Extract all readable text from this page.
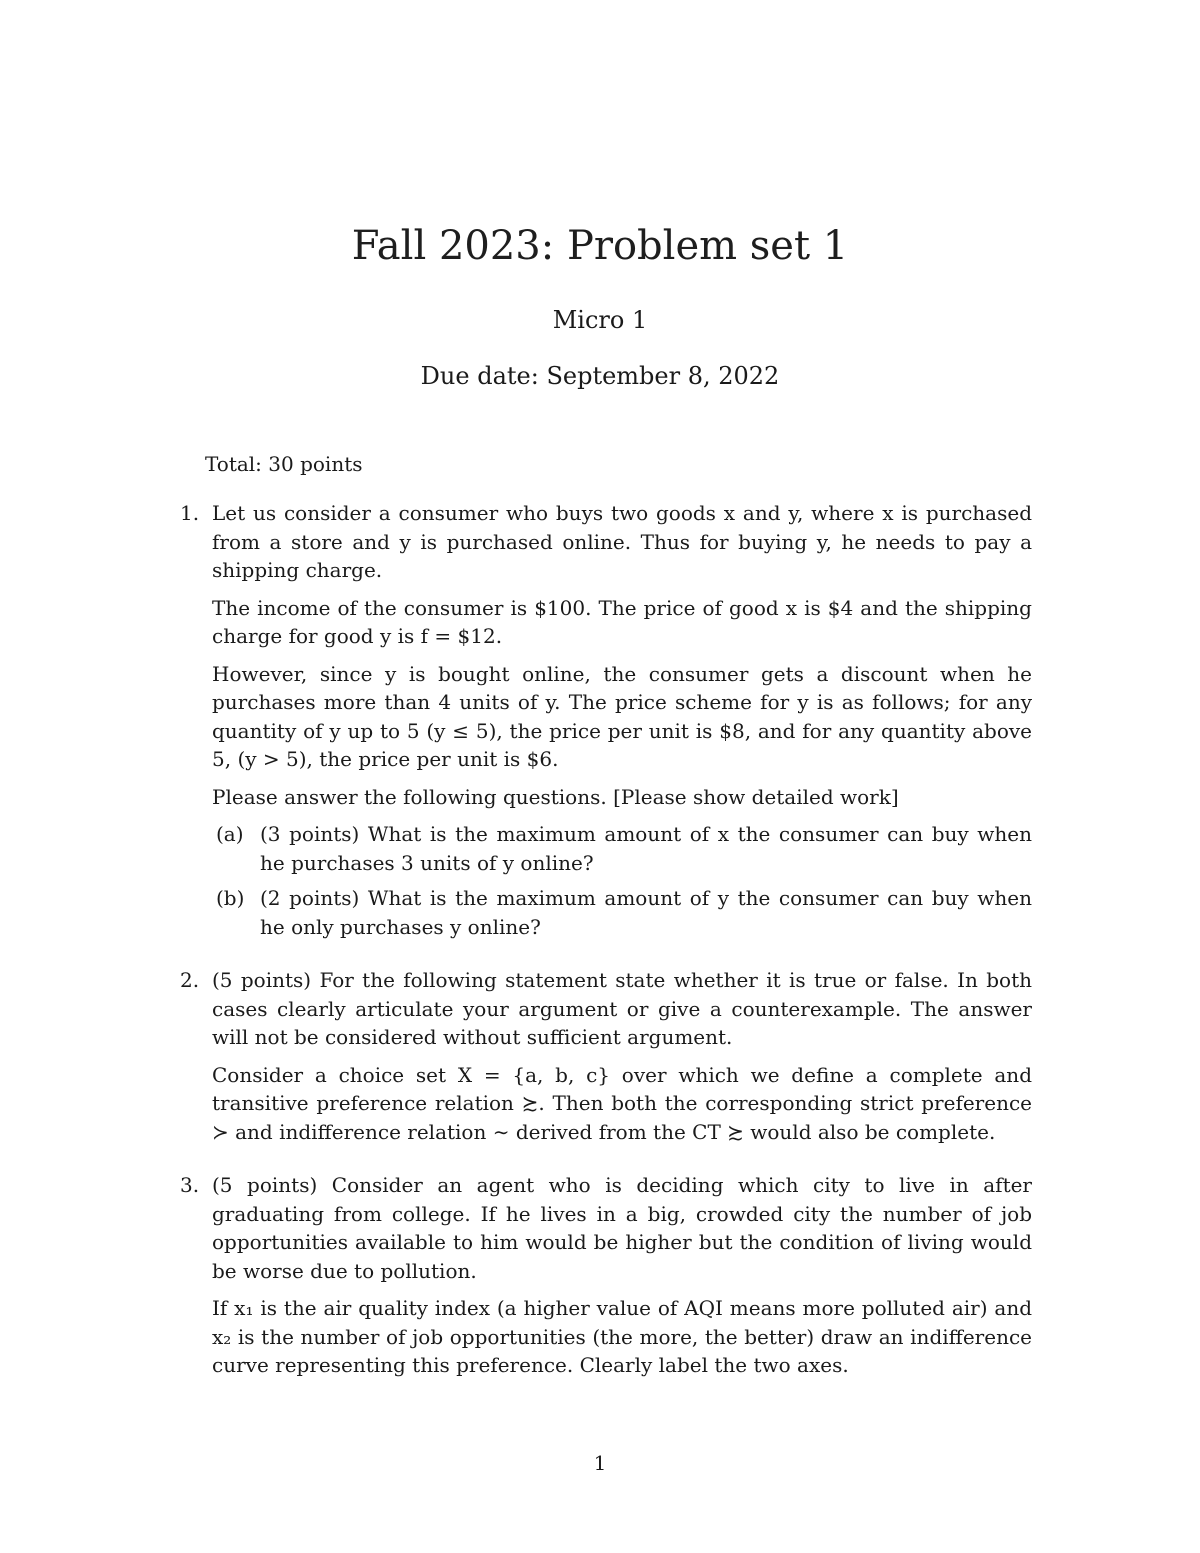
Fall 2023: Problem set 1
Micro 1
Due date: September 8, 2022
Total: 30 points
1. Let us consider a consumer who buys two goods x and y, where x is purchased from a store and y is purchased online. Thus for buying y, he needs to pay a shipping charge.

The income of the consumer is $100. The price of good x is $4 and the shipping charge for good y is f = $12.

However, since y is bought online, the consumer gets a discount when he purchases more than 4 units of y. The price scheme for y is as follows; for any quantity of y up to 5 (y ≤ 5), the price per unit is $8, and for any quantity above 5, (y > 5), the price per unit is $6.

Please answer the following questions. [Please show detailed work]

(a) (3 points) What is the maximum amount of x the consumer can buy when he purchases 3 units of y online?
(b) (2 points) What is the maximum amount of y the consumer can buy when he only purchases y online?
2. (5 points) For the following statement state whether it is true or false. In both cases clearly articulate your argument or give a counterexample. The answer will not be considered without sufficient argument.

Consider a choice set X = {a, b, c} over which we define a complete and transitive preference relation ≿. Then both the corresponding strict preference ≻ and indifference relation ∼ derived from the CT ≿ would also be complete.

3. (5 points) Consider an agent who is deciding which city to live in after graduating from college. If he lives in a big, crowded city the number of job opportunities available to him would be higher but the condition of living would be worse due to pollution.

If x₁ is the air quality index (a higher value of AQI means more polluted air) and x₂ is the number of job opportunities (the more, the better) draw an indifference curve representing this preference. Clearly label the two axes.

1
